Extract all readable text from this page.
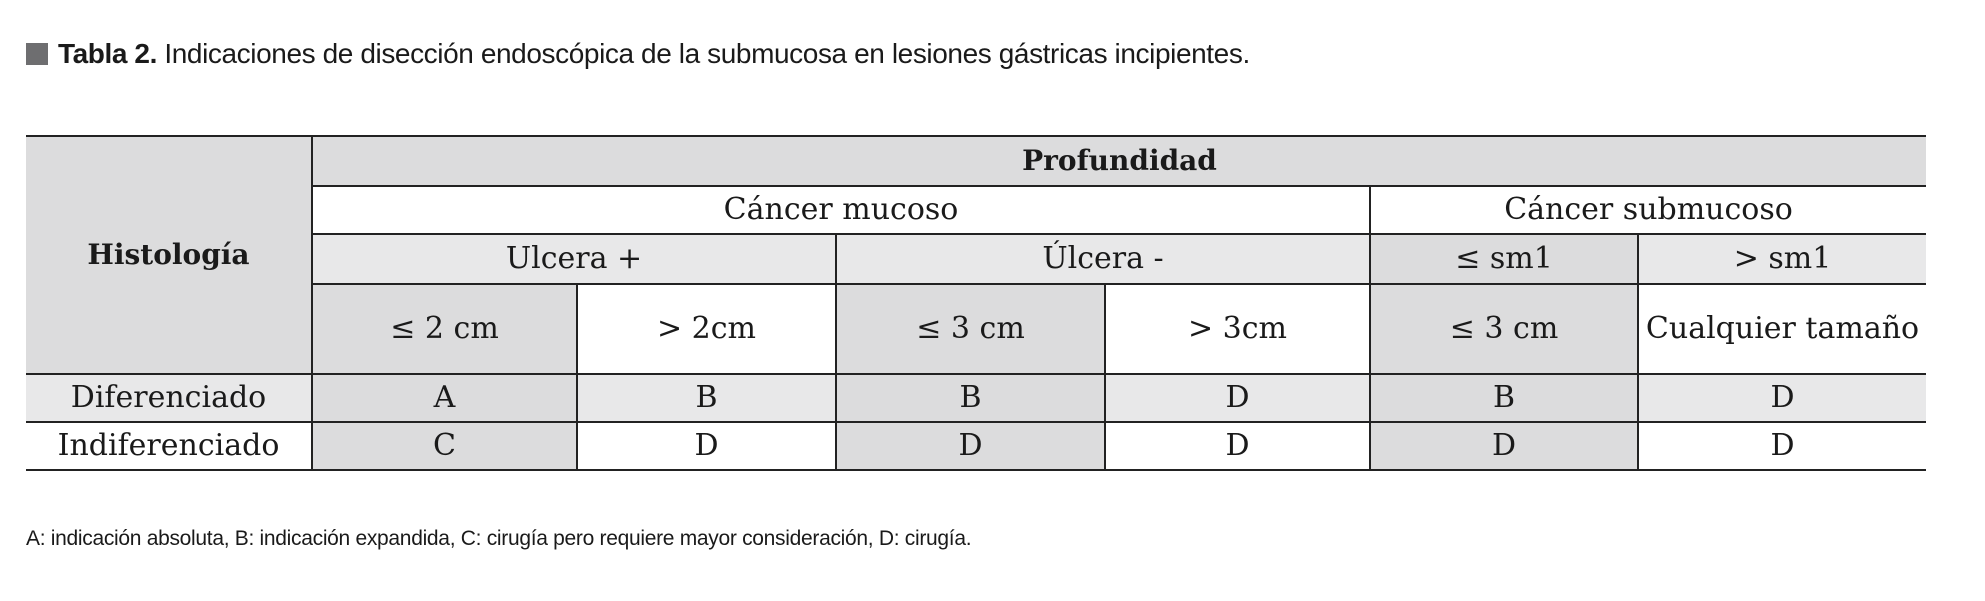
Tabla 2. Indicaciones de disección endoscópica de la submucosa en lesiones gástricas incipientes.
Histología	Profundidad					
	Cáncer mucoso				Cáncer submucoso	
	Ulcera +		Úlcera -		≤ sm1	> sm1
	≤ 2 cm	> 2cm	≤ 3 cm	> 3cm	≤ 3 cm	Cualquier tamaño
Diferenciado	A	B	B	D	B	D
Indiferenciado	C	D	D	D	D	D
A: indicación absoluta, B: indicación expandida, C: cirugía pero requiere mayor consideración, D: cirugía.
